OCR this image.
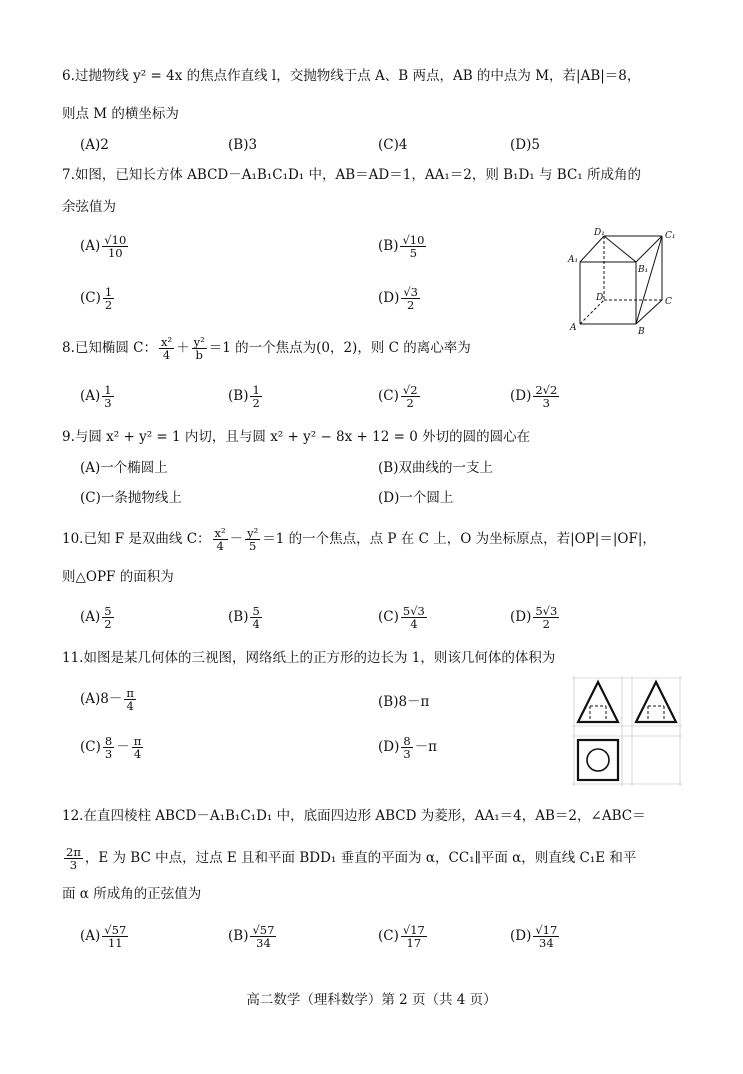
6.过抛物线 y² = 4x 的焦点作直线 l，交抛物线于点 A、B 两点，AB 的中点为 M，若|AB|＝8，
则点 M 的横坐标为
(A)2	(B)3	(C)4	(D)5
7.如图，已知长方体 ABCD－A₁B₁C₁D₁ 中，AB＝AD＝1，AA₁＝2，则 B₁D₁ 与 BC₁ 所成角的
余弦值为
$(A) \frac{√10}{10}$	$(B) \frac{√10}{5}$
$(C) \frac{1}{2}$	$(D) \frac{√3}{2}$
D₁	C₁
A₁
B₁
D	C
A	B
8.已知椭圆 C： $\frac{\text{x²}}{4} + \frac{\text{y²}}{b} =1$ 的一个焦点为(0，2)，则 C 的离心率为
$(A) \frac{1}{3}$	$(B) \frac{1}{2}$	$(C) \frac{√2}{2}$	$(D) \frac{2√2}{3}$
9.与圆 x² + y² = 1 内切，且与圆 x² + y² − 8x + 12 = 0 外切的圆的圆心在
(A)一个椭圆上	(B)双曲线的一支上
(C)一条抛物线上	(D)一个圆上
10.已知 F 是双曲线 C： $\frac{\text{x²}}{4} - \frac{\text{y²}}{5} =1$ 的一个焦点，点 P 在 C 上，O 为坐标原点，若|OP|＝|OF|，
则△OPF 的面积为
$(A) \frac{5}{2}$	$(B) \frac{5}{4}$	$(C) \frac{5√3}{4}$	$(D) \frac{5√3}{2}$
11.如图是某几何体的三视图，网络纸上的正方形的边长为 1，则该几何体的体积为
$(A)8- \frac{\pi}{4}$	(B)8－π
$(C) \frac{8}{3} - \frac{\pi}{4}$	$(D) \frac{8}{3} -\pi$
12.在直四棱柱 ABCD－A₁B₁C₁D₁ 中，底面四边形 ABCD 为菱形，AA₁＝4，AB＝2，∠ABC＝
$\frac{2\pi}{3}$ ，E 为 BC 中点，过点 E 且和平面 BDD₁ 垂直的平面为 α，CC₁∥平面 α，则直线 C₁E 和平
面 α 所成角的正弦值为
$(A) \frac{√57}{11}$	$(B) \frac{√57}{34}$	$(C) \frac{√17}{17}$	$(D) \frac{√17}{34}$
高二数学（理科数学）第 2 页（共 4 页）
